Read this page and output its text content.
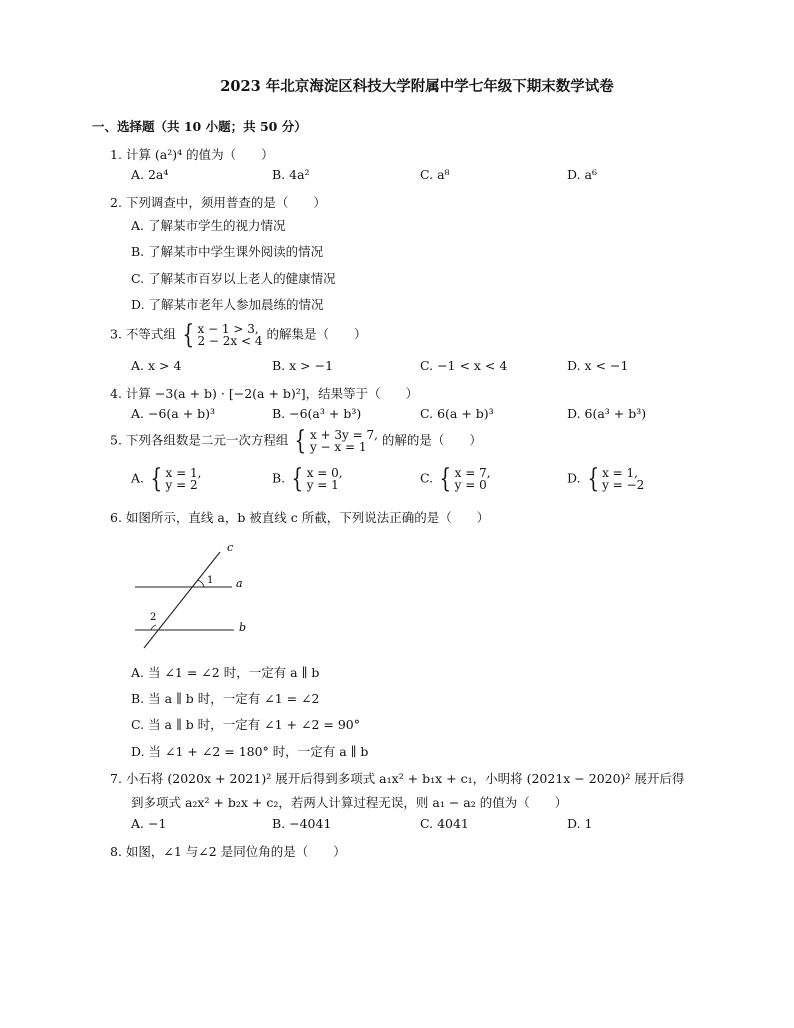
2023 年北京海淀区科技大学附属中学七年级下期末数学试卷
一、选择题（共 10 小题；共 50 分）
1. 计算 (a²)⁴ 的值为（　　）
A. 2a⁴	B. 4a²	C. a⁸	D. a⁶
2. 下列调查中，须用普查的是（　　）
A. 了解某市学生的视力情况
B. 了解某市中学生课外阅读的情况
C. 了解某市百岁以上老人的健康情况
D. 了解某市老年人参加晨练的情况
3. 不等式组 { x − 1 > 3,
2 − 2x < 4 的解集是（　　）
A. x > 4	B. x > −1	C. −1 < x < 4	D. x < −1
4. 计算 −3(a + b) · [−2(a + b)²]，结果等于（　　）
A. −6(a + b)³	B. −6(a³ + b³)	C. 6(a + b)³	D. 6(a³ + b³)
5. 下列各组数是二元一次方程组 { x + 3y = 7,
y − x = 1	的解的是（　　）
A. { x = 1,
y = 2	B. { x = 0,
y = 1	C. { x = 7,
y = 0	D. { x = 1,
y = −2
6. 如图所示，直线 a，b 被直线 c 所截，下列说法正确的是（　　）
c
a
b
1
2
A. 当 ∠1 = ∠2 时，一定有 a ∥ b
B. 当 a ∥ b 时，一定有 ∠1 = ∠2
C. 当 a ∥ b 时，一定有 ∠1 + ∠2 = 90°
D. 当 ∠1 + ∠2 = 180° 时，一定有 a ∥ b
7. 小石将 (2020x + 2021)² 展开后得到多项式 a₁x² + b₁x + c₁，小明将 (2021x − 2020)² 展开后得
到多项式 a₂x² + b₂x + c₂，若两人计算过程无误，则 a₁ − a₂ 的值为（　　）
A. −1	B. −4041	C. 4041	D. 1
8. 如图，∠1 与∠2 是同位角的是（　　）
